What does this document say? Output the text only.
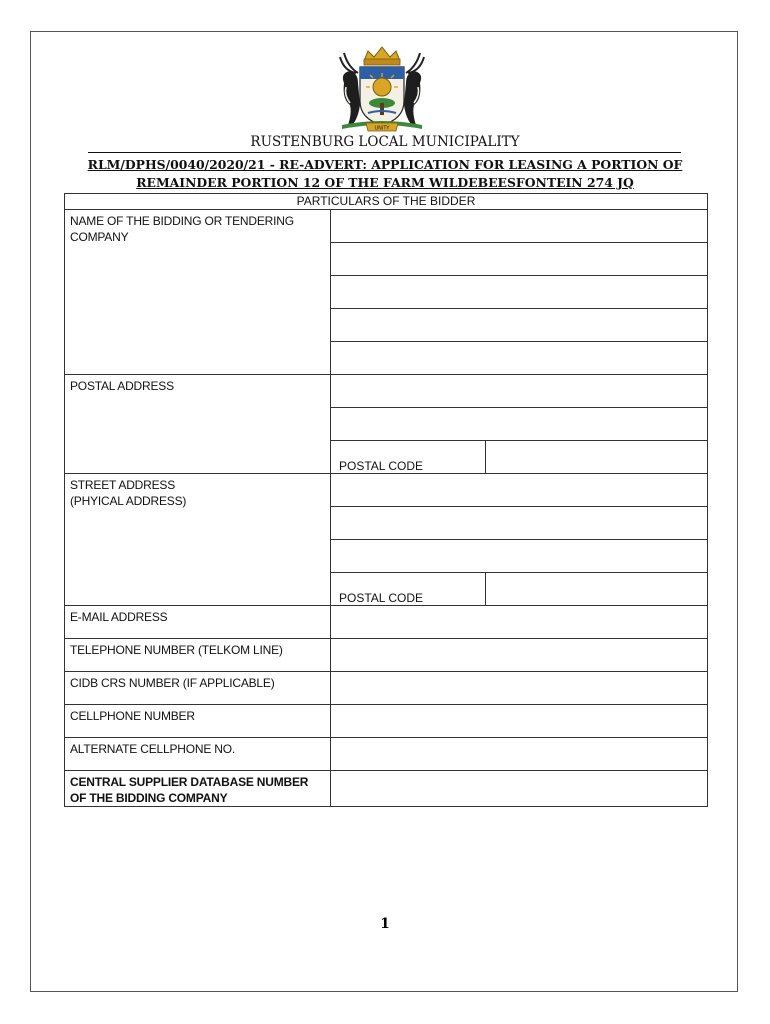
UNITY
RUSTENBURG LOCAL MUNICIPALITY
RLM/DPHS/0040/2020/21 - RE-ADVERT: APPLICATION FOR LEASING A PORTION OF
REMAINDER PORTION 12 OF THE FARM WILDEBEESFONTEIN 274 JQ
PARTICULARS OF THE BIDDER		
NAME OF THE BIDDING OR TENDERING COMPANY		

POSTAL ADDRESS		

	POSTAL CODE	
STREET ADDRESS
(PHYICAL ADDRESS)		

	POSTAL CODE	
E-MAIL ADDRESS		
TELEPHONE NUMBER (TELKOM LINE)		
CIDB CRS NUMBER (IF APPLICABLE)		
CELLPHONE NUMBER		
ALTERNATE CELLPHONE NO.		
CENTRAL SUPPLIER DATABASE NUMBER OF THE BIDDING COMPANY		
1
